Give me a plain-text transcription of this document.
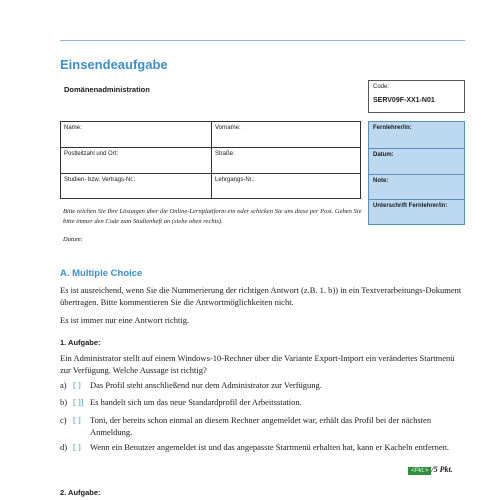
Einsendeaufgabe
Domänenadministration	Code:
SERV09F-XX1-N01
Name:	Vorname:
Postleitzahl und Ort:	Straße:
Studien- bzw. Vertrags-Nr.:	Lehrgangs-Nr.:
Fernlehrer/in:
Datum:
Note:
Unterschrift Fernlehrer/in:
Bitte reichen Sie Ihre Lösungen über die Online-Lernplattform ein oder schicken Sie uns diese per Post. Geben Sie bitte immer den Code zum Studienheft an (siehe oben rechts).
Datum:
A. Multiple Choice
Es ist ausreichend, wenn Sie die Nummerierung der richtigen Antwort (z.B. 1. b)) in ein Textverarbeitungs-Dokument übertragen. Bitte kommentieren Sie die Antwortmöglichkeiten nicht.
Es ist immer nur eine Antwort richtig.
1. Aufgabe:
Ein Administrator stellt auf einem Windows-10-Rechner über die Variante Export-Import ein verändertes Startmenü zur Verfügung. Welche Aussage ist richtig?
a) [ ] Das Profil steht anschließend nur dem Administrator zur Verfügung.
b) [ ]] Es handelt sich um das neue Standardprofil der Arbeitsstation.
c) [ ] Toni, der bereits schon einmal an diesem Rechner angemeldet war, erhält das Profil bei der nächsten Anmeldung.
d) [ ] Wenn ein Benutzer angemeldet ist und das angepasste Startmenü erhalten hat, kann er Kacheln entfernen.
<Pkt.> /5 Pkt.
2. Aufgabe:
